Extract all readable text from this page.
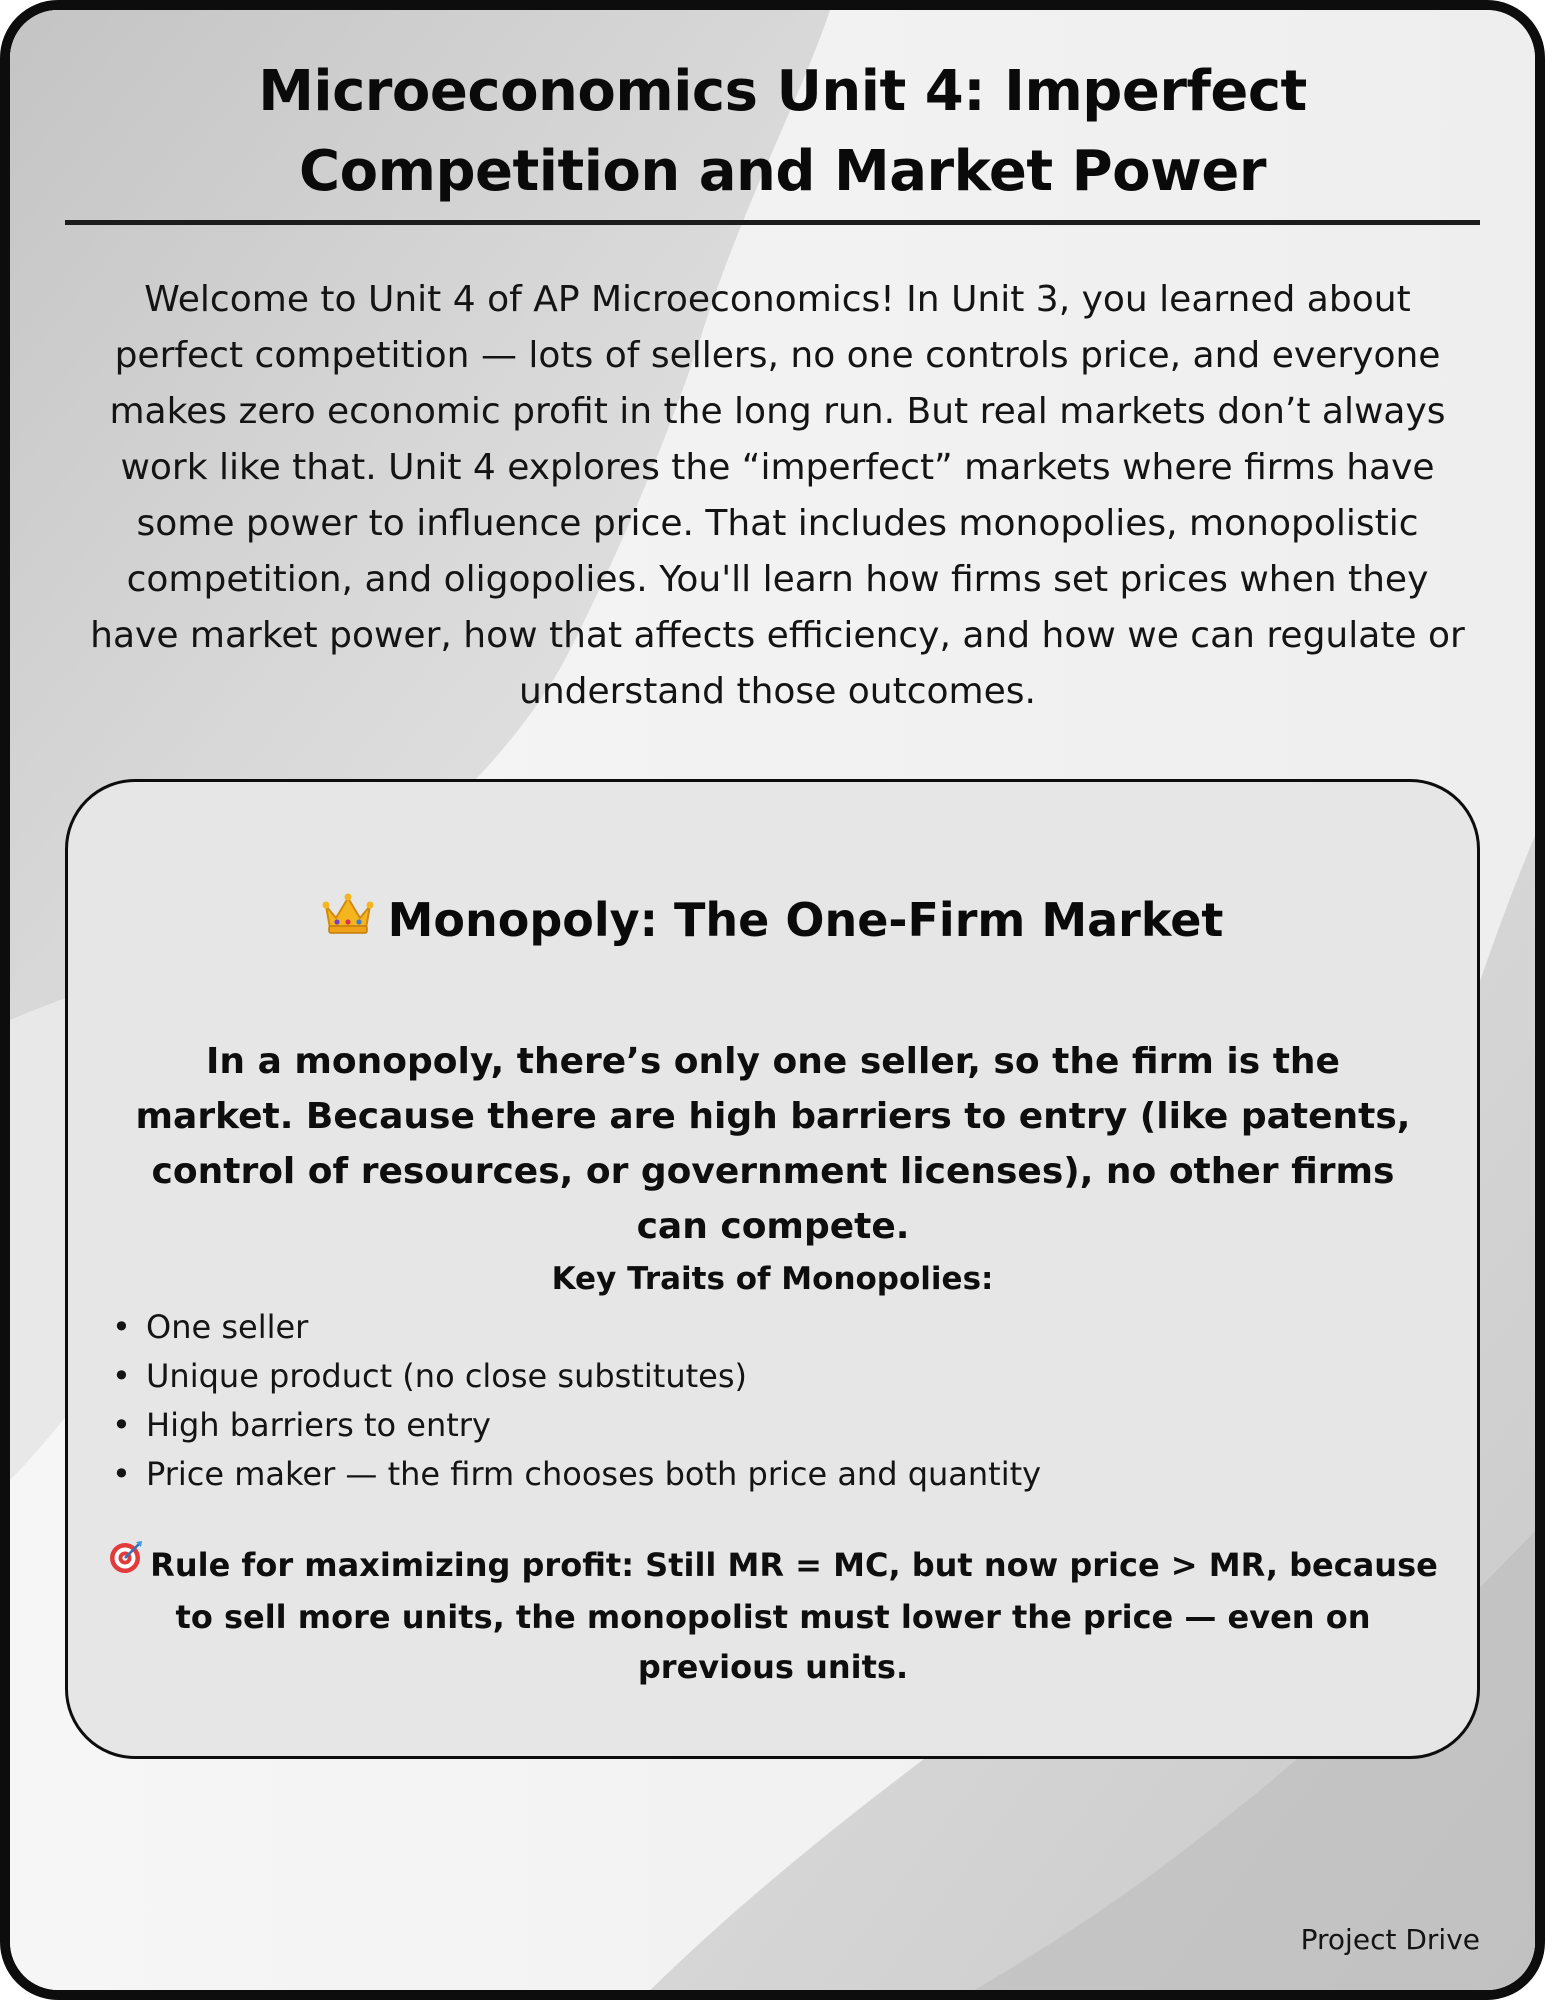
Microeconomics Unit 4: Imperfect Competition and Market Power

Welcome to Unit 4 of AP Microeconomics! In Unit 3, you learned about perfect competition — lots of sellers, no one controls price, and everyone makes zero economic profit in the long run. But real markets don’t always work like that. Unit 4 explores the “imperfect” markets where firms have some power to influence price. That includes monopolies, monopolistic competition, and oligopolies. You'll learn how firms set prices when they have market power, how that affects efficiency, and how we can regulate or understand those outcomes.

Monopoly: The One-Firm Market

In a monopoly, there’s only one seller, so the firm is the market. Because there are high barriers to entry (like patents, control of resources, or government licenses), no other firms can compete.

Key Traits of Monopolies:
• One seller
• Unique product (no close substitutes)
• High barriers to entry
• Price maker — the firm chooses both price and quantity

Rule for maximizing profit: Still MR = MC, but now price > MR, because to sell more units, the monopolist must lower the price — even on previous units.

Project Drive
